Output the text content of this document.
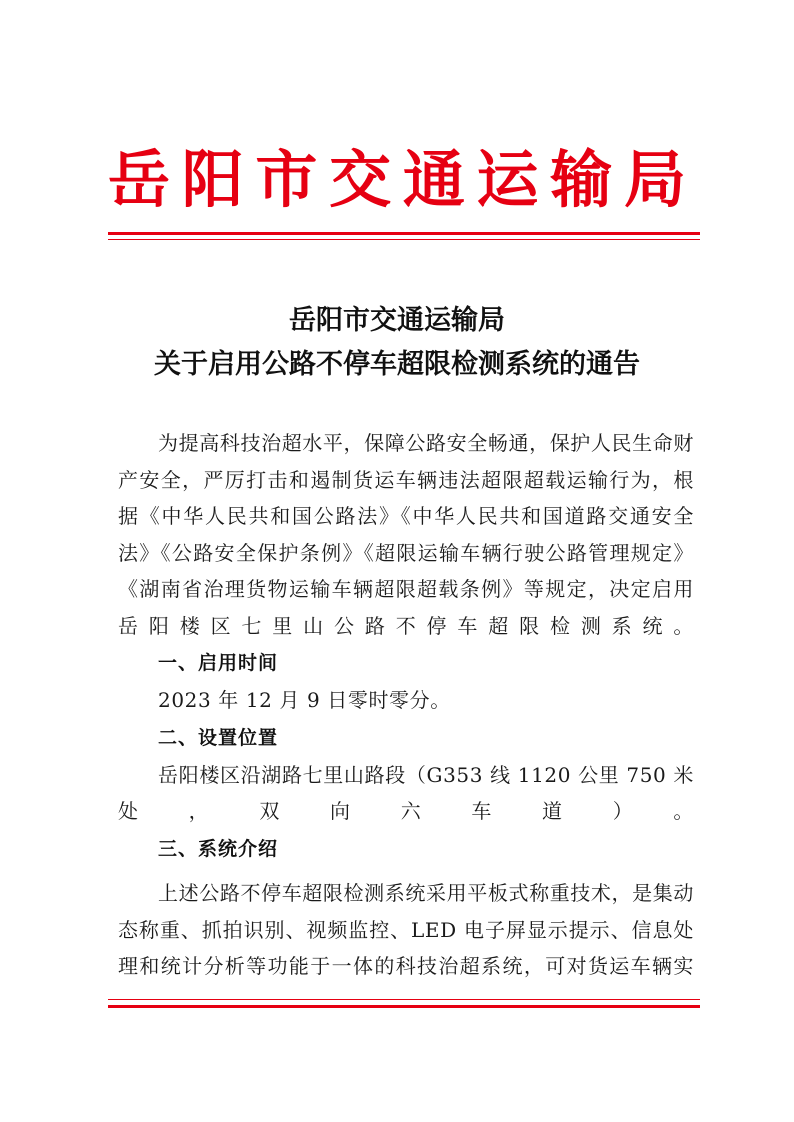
岳阳市交通运输局
岳阳市交通运输局
关于启用公路不停车超限检测系统的通告

为提高科技治超水平，保障公路安全畅通，保护人民生命财产安全，严厉打击和遏制货运车辆违法超限超载运输行为，根据《中华人民共和国公路法》《中华人民共和国道路交通安全法》《公路安全保护条例》《超限运输车辆行驶公路管理规定》《湖南省治理货物运输车辆超限超载条例》等规定，决定启用岳阳楼区七里山公路不停车超限检测系统。

一、启用时间

2023 年 12 月 9 日零时零分。

二、设置位置

岳阳楼区沿湖路七里山路段（G353 线 1120 公里 750 米处，双向六车道）。

三、系统介绍

上述公路不停车超限检测系统采用平板式称重技术，是集动态称重、抓拍识别、视频监控、LED 电子屏显示提示、信息处理和统计分析等功能于一体的科技治超系统，可对货运车辆实
